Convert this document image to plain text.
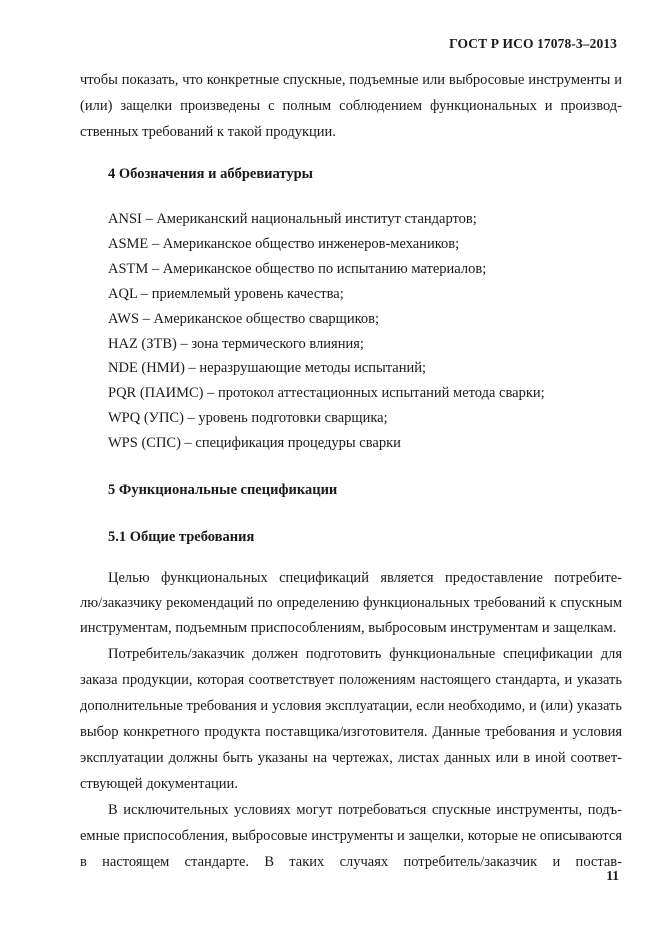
ГОСТ Р ИСО 17078-3–2013
чтобы показать, что конкретные спускные, подъемные или выбросовые инструменты и
(или) защелки произведены с полным соблюдением функциональных и производ-
ственных требований к такой продукции.
4 Обозначения и аббревиатуры
ANSI – Американский национальный институт стандартов;
ASME – Американское общество инженеров-механиков;
ASTM – Американское общество по испытанию материалов;
AQL – приемлемый уровень качества;
AWS – Американское общество сварщиков;
HAZ (ЗТВ) – зона термического влияния;
NDE (НМИ) – неразрушающие методы испытаний;
PQR (ПАИМС) – протокол аттестационных испытаний метода сварки;
WPQ (УПС) – уровень подготовки сварщика;
WPS (СПС) – спецификация процедуры сварки
5 Функциональные спецификации
5.1 Общие требования
Целью функциональных спецификаций является предоставление потребите-
лю/заказчику рекомендаций по определению функциональных требований к спускным
инструментам, подъемным приспособлениям, выбросовым инструментам и защелкам.
Потребитель/заказчик должен подготовить функциональные спецификации для
заказа продукции, которая соответствует положениям настоящего стандарта, и указать
дополнительные требования и условия эксплуатации, если необходимо, и (или) указать
выбор конкретного продукта поставщика/изготовителя. Данные требования и условия
эксплуатации должны быть указаны на чертежах, листах данных или в иной соответ-
ствующей документации.
В исключительных условиях могут потребоваться спускные инструменты, подъ-
емные приспособления, выбросовые инструменты и защелки, которые не описываются
в настоящем стандарте. В таких случаях потребитель/заказчик и постав-
11
